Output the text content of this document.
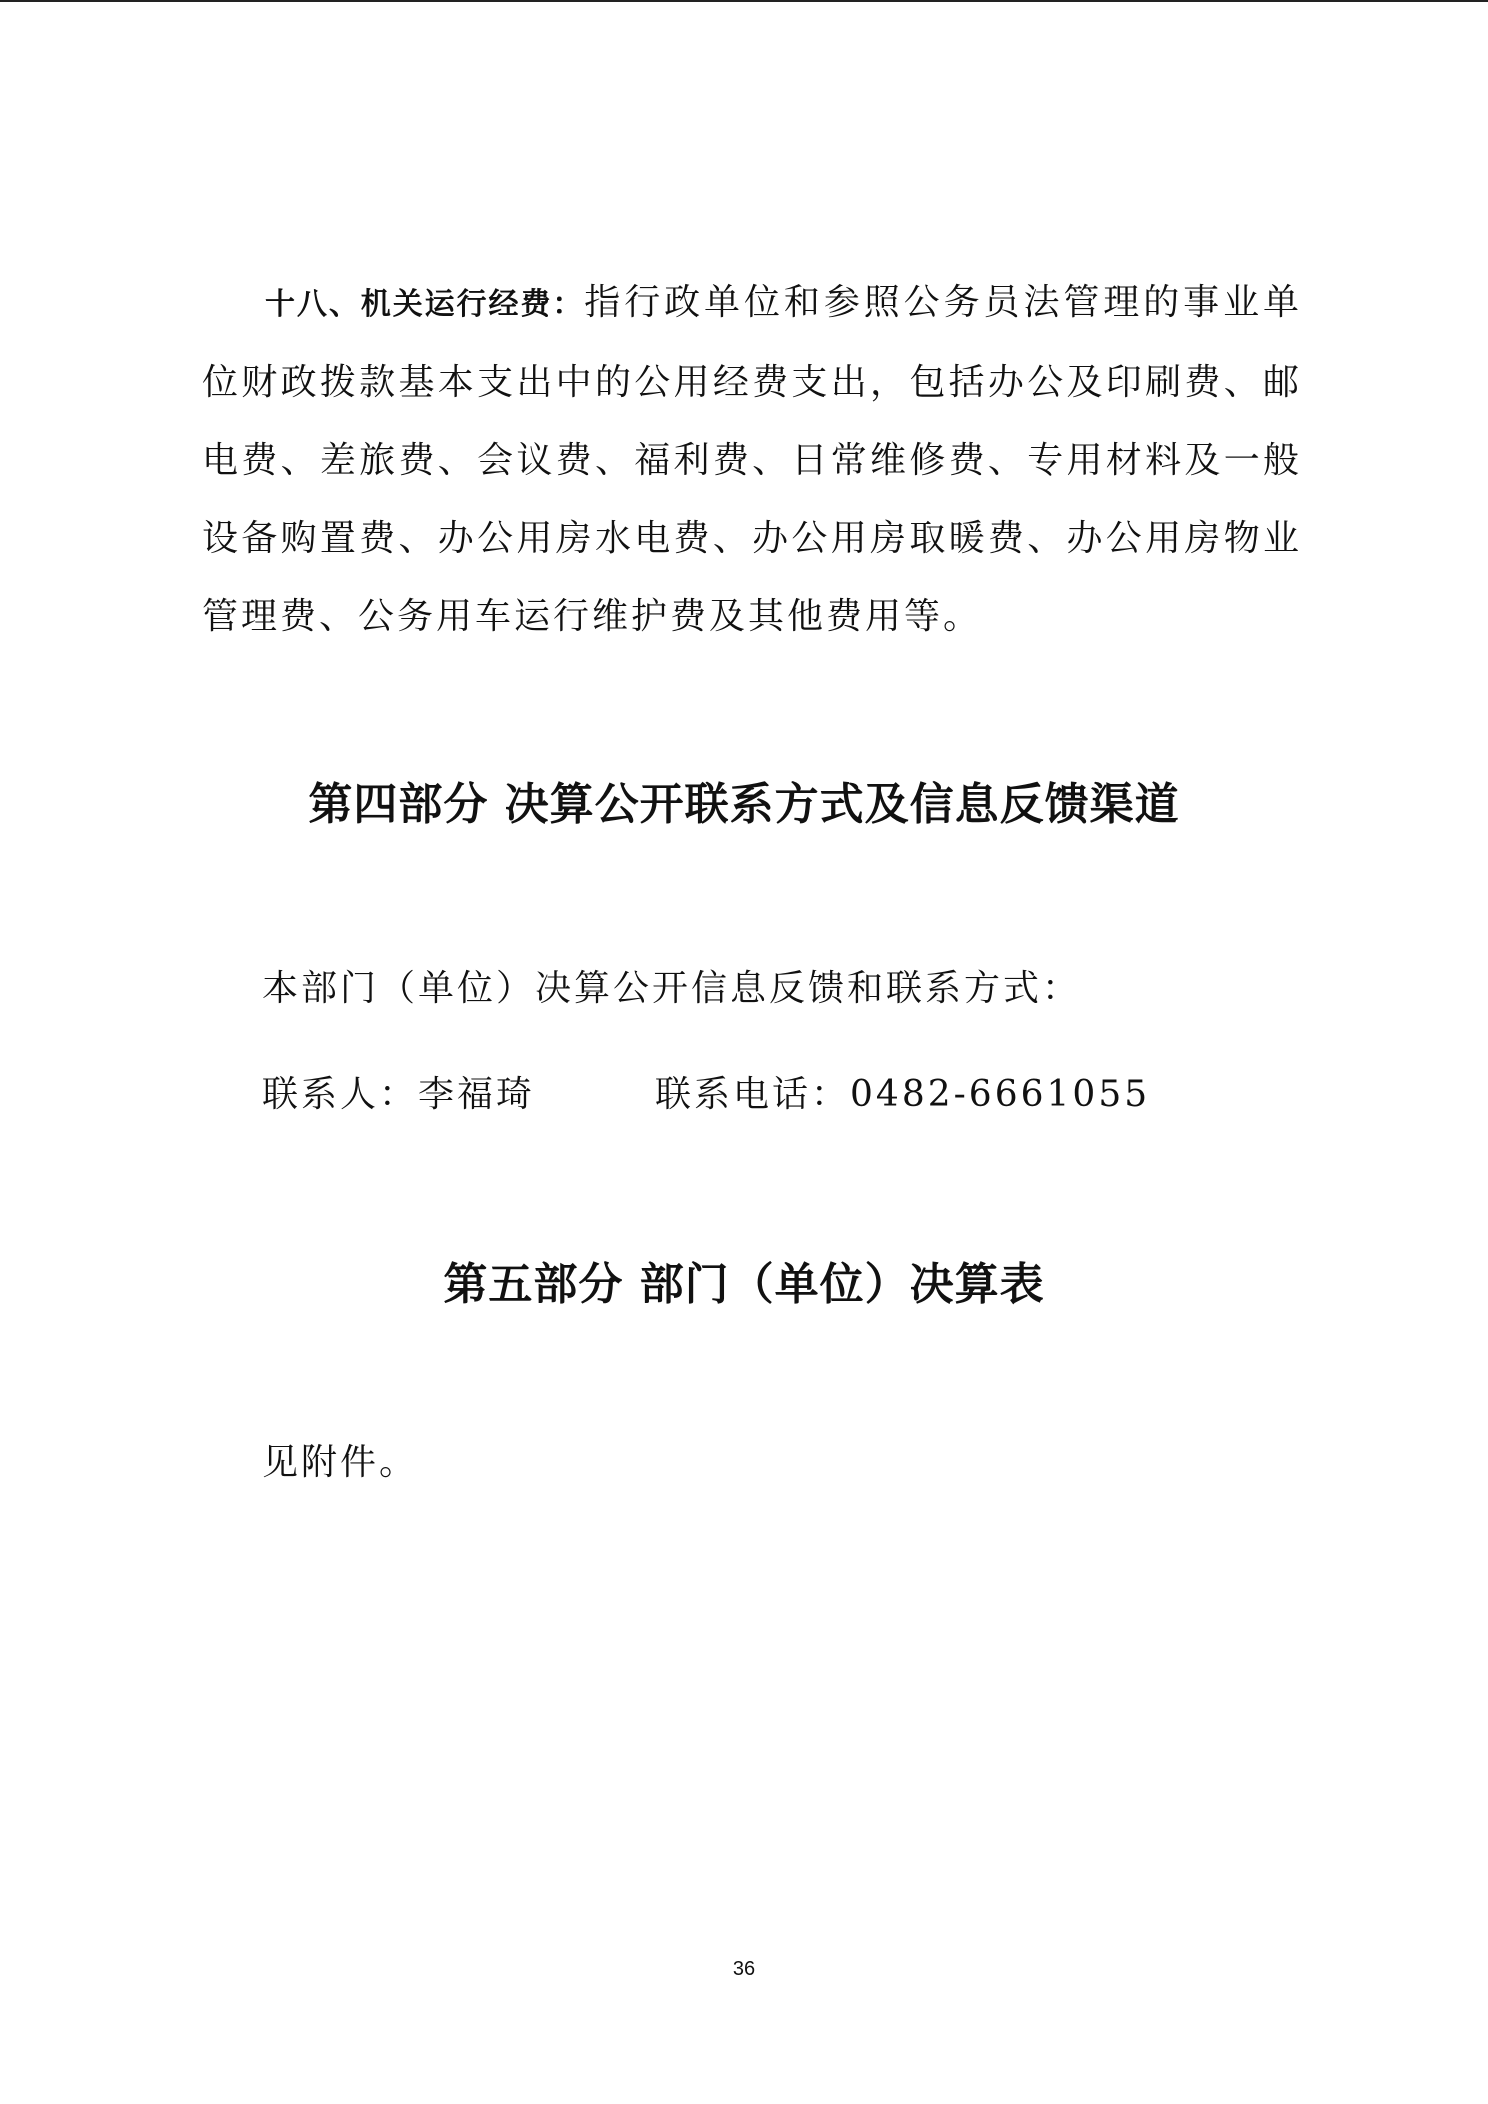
十八、机关运行经费：指行政单位和参照公务员法管理的事业单位财政拨款基本支出中的公用经费支出，包括办公及印刷费、邮电费、差旅费、会议费、福利费、日常维修费、专用材料及一般设备购置费、办公用房水电费、办公用房取暖费、办公用房物业管理费、公务用车运行维护费及其他费用等。

第四部分 决算公开联系方式及信息反馈渠道

本部门（单位）决算公开信息反馈和联系方式：

联系人：李福琦	联系电话：0482-6661055

第五部分 部门（单位）决算表

见附件。

36
